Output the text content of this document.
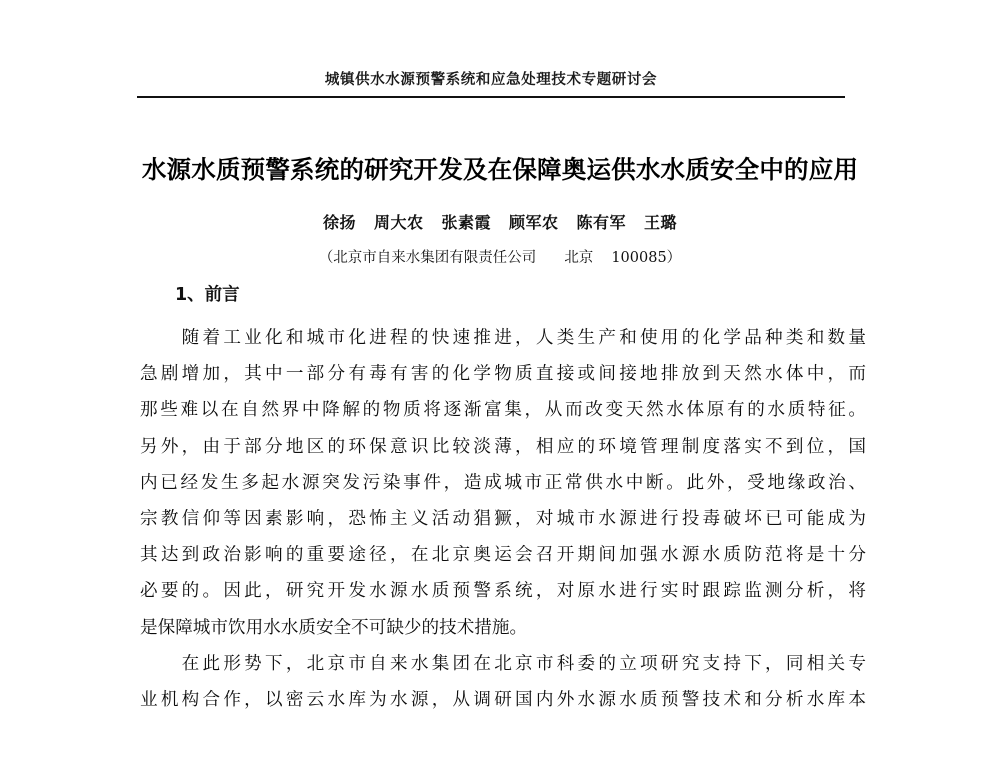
城镇供水水源预警系统和应急处理技术专题研讨会
水源水质预警系统的研究开发及在保障奥运供水水质安全中的应用
徐扬 周大农 张素霞 顾军农 陈有军 王璐
（北京市自来水集团有限责任公司 北京 100085）
1、前言
　　随着工业化和城市化进程的快速推进，人类生产和使用的化学品种类和数量
急剧增加，其中一部分有毒有害的化学物质直接或间接地排放到天然水体中，而
那些难以在自然界中降解的物质将逐渐富集，从而改变天然水体原有的水质特征。
另外，由于部分地区的环保意识比较淡薄，相应的环境管理制度落实不到位，国
内已经发生多起水源突发污染事件，造成城市正常供水中断。此外，受地缘政治、
宗教信仰等因素影响，恐怖主义活动猖獗，对城市水源进行投毒破坏已可能成为
其达到政治影响的重要途径，在北京奥运会召开期间加强水源水质防范将是十分
必要的。因此，研究开发水源水质预警系统，对原水进行实时跟踪监测分析，将
是保障城市饮用水水质安全不可缺少的技术措施。
　　在此形势下，北京市自来水集团在北京市科委的立项研究支持下，同相关专
业机构合作，以密云水库为水源，从调研国内外水源水质预警技术和分析水库本
